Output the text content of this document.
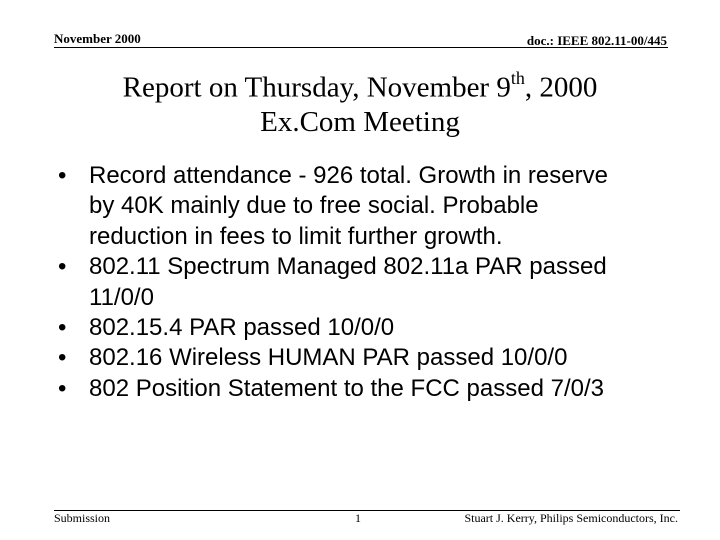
November 2000	doc.: IEEE 802.11-00/445
Report on Thursday, November 9th, 2000
Ex.Com Meeting
• Record attendance - 926 total. Growth in reserve by 40K mainly due to free social. Probable reduction in fees to limit further growth.
• 802.11 Spectrum Managed 802.11a PAR passed 11/0/0
• 802.15.4 PAR passed 10/0/0
• 802.16 Wireless HUMAN PAR passed 10/0/0
• 802 Position Statement to the FCC passed 7/0/3
Submission	1	Stuart J. Kerry, Philips Semiconductors, Inc.
